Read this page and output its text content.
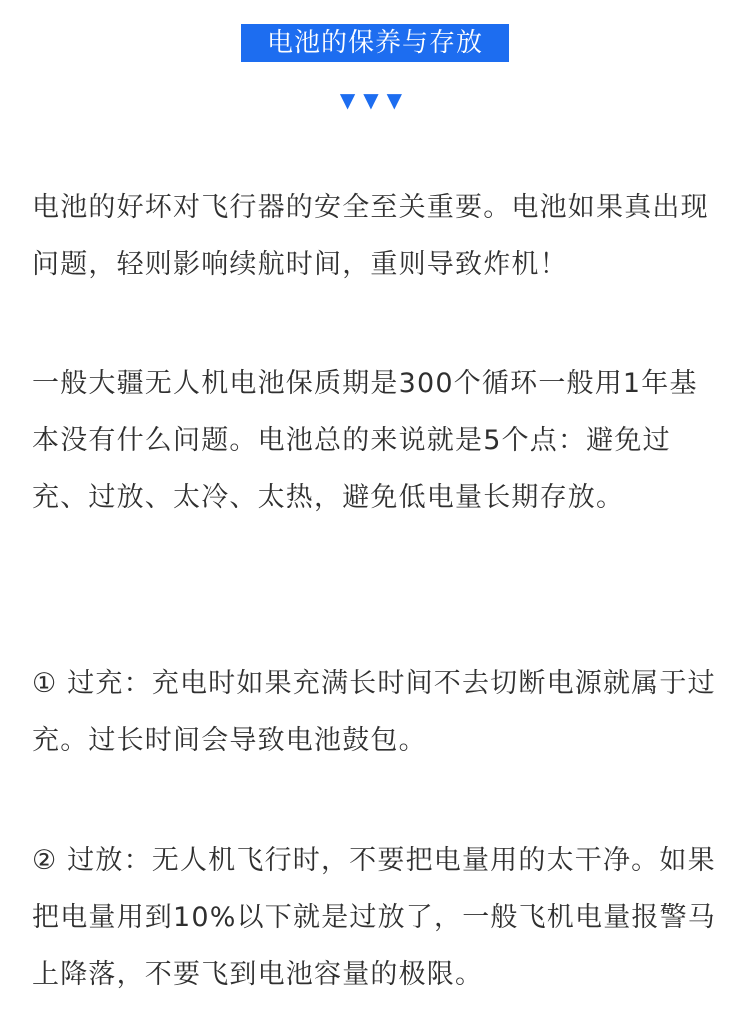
电池的保养与存放
▼▼▼

电池的好坏对飞行器的安全至关重要。电池如果真出现问题，轻则影响续航时间，重则导致炸机！

一般大疆无人机电池保质期是300个循环一般用1年基本没有什么问题。电池总的来说就是5个点：避免过充、过放、太冷、太热，避免低电量长期存放。

① 过充：充电时如果充满长时间不去切断电源就属于过充。过长时间会导致电池鼓包。

② 过放：无人机飞行时，不要把电量用的太干净。如果把电量用到10%以下就是过放了，一般飞机电量报警马上降落，不要飞到电池容量的极限。
